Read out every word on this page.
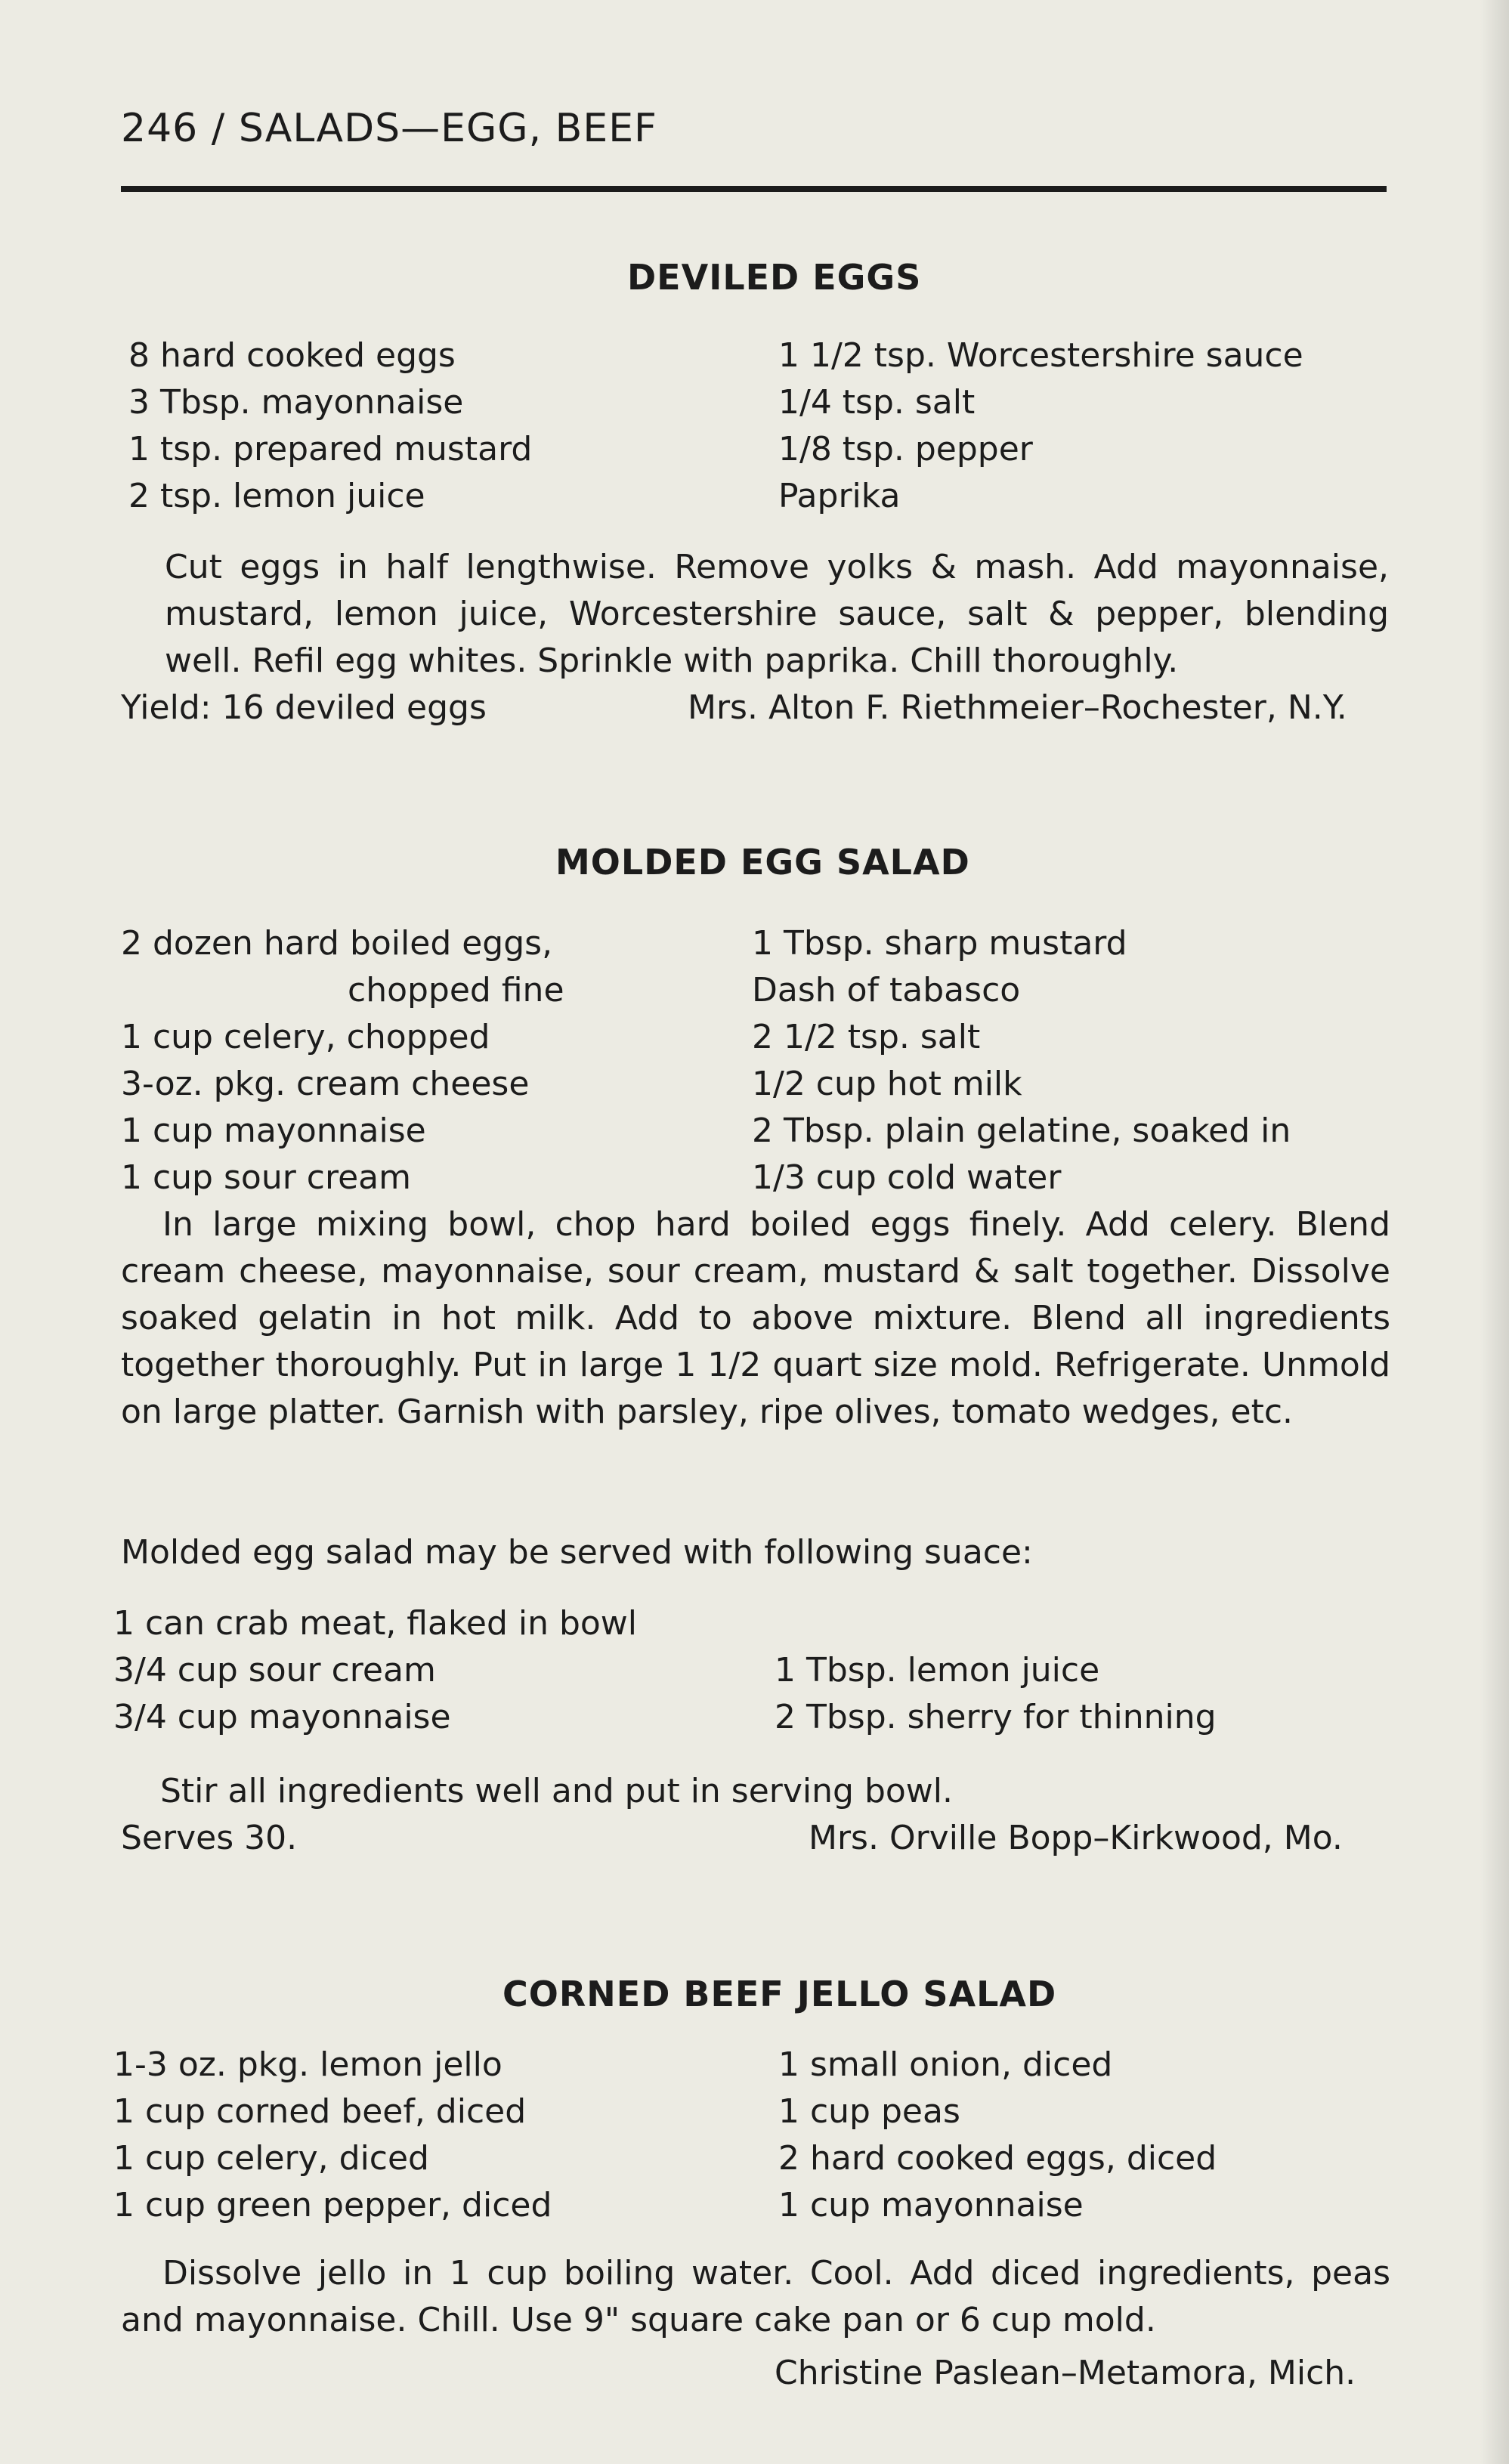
246 / SALADS—EGG, BEEF
DEVILED EGGS
8 hard cooked eggs
3 Tbsp. mayonnaise
1 tsp. prepared mustard
2 tsp. lemon juice
1 1/2 tsp. Worcestershire sauce
1/4 tsp. salt
1/8 tsp. pepper
Paprika

Cut eggs in half lengthwise. Remove yolks & mash. Add mayonnaise, mustard, lemon juice, Worcestershire sauce, salt & pepper, blending well. Refil egg whites. Sprinkle with paprika. Chill thoroughly.

Yield: 16 deviled eggs	Mrs. Alton F. Riethmeier–Rochester, N.Y.
MOLDED EGG SALAD
2 dozen hard boiled eggs,
chopped fine
1 cup celery, chopped
3-oz. pkg. cream cheese
1 cup mayonnaise
1 cup sour cream
1 Tbsp. sharp mustard
Dash of tabasco
2 1/2 tsp. salt
1/2 cup hot milk
2 Tbsp. plain gelatine, soaked in
1/3 cup cold water

In large mixing bowl, chop hard boiled eggs finely. Add celery. Blend cream cheese, mayonnaise, sour cream, mustard & salt together. Dissolve soaked gelatin in hot milk. Add to above mixture. Blend all ingredients together thoroughly. Put in large 1 1/2 quart size mold. Refrigerate. Unmold on large platter. Garnish with parsley, ripe olives, tomato wedges, etc.

Molded egg salad may be served with following suace:
1 can crab meat, flaked in bowl
3/4 cup sour cream
3/4 cup mayonnaise
1 Tbsp. lemon juice
2 Tbsp. sherry for thinning
Stir all ingredients well and put in serving bowl.
Serves 30.	Mrs. Orville Bopp–Kirkwood, Mo.
CORNED BEEF JELLO SALAD
1-3 oz. pkg. lemon jello
1 cup corned beef, diced
1 cup celery, diced
1 cup green pepper, diced
1 small onion, diced
1 cup peas
2 hard cooked eggs, diced
1 cup mayonnaise

Dissolve jello in 1 cup boiling water. Cool. Add diced ingredients, peas and mayonnaise. Chill. Use 9" square cake pan or 6 cup mold.

Christine Paslean–Metamora, Mich.
